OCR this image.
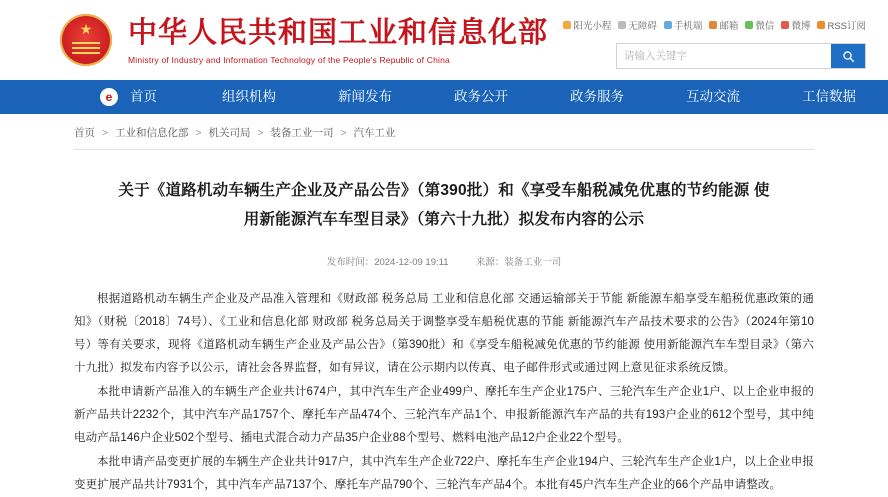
★
中华人民共和国工业和信息化部
Ministry of Industry and Information Technology of the People's Republic of China
阳光小程 无障碍 手机端 邮箱 微信 微博 RSS订阅
请输入关键字
e	首页	组织机构	新闻发布	政务公开	政务服务	互动交流	工信数据
首页 > 工业和信息化部 > 机关司局 > 装备工业一司 > 汽车工业
关于《道路机动车辆生产企业及产品公告》（第390批）和《享受车船税减免优惠的节约能源 使用新能源汽车车型目录》（第六十九批）拟发布内容的公示
发布时间：2024-12-09 19:11	来源：装备工业一司

根据道路机动车辆生产企业及产品准入管理和《财政部 税务总局 工业和信息化部 交通运输部关于节能 新能源车船享受车船税优惠政策的通知》（财税〔2018〕74号）、《工业和信息化部 财政部 税务总局关于调整享受车船税优惠的节能 新能源汽车产品技术要求的公告》（2024年第10号）等有关要求，现将《道路机动车辆生产企业及产品公告》（第390批）和《享受车船税减免优惠的节约能源 使用新能源汽车车型目录》（第六十九批）拟发布内容予以公示，请社会各界监督，如有异议，请在公示期内以传真、电子邮件形式或通过网上意见征求系统反馈。

本批申请新产品准入的车辆生产企业共计674户，其中汽车生产企业499户、摩托车生产企业175户、三轮汽车生产企业1户、以上企业申报的新产品共计2232个，其中汽车产品1757个、摩托车产品474个、三轮汽车产品1个、申报新能源汽车产品的共有193户企业的612个型号，其中纯电动产品146户企业502个型号、插电式混合动力产品35户企业88个型号、燃料电池产品12户企业22个型号。

本批申请产品变更扩展的车辆生产企业共计917户，其中汽车生产企业722户、摩托车生产企业194户、三轮汽车生产企业1户，以上企业申报变更扩展产品共计7931个，其中汽车产品7137个、摩托车产品790个、三轮汽车产品4个。本批有45户汽车生产企业的66个产品申请整改。
